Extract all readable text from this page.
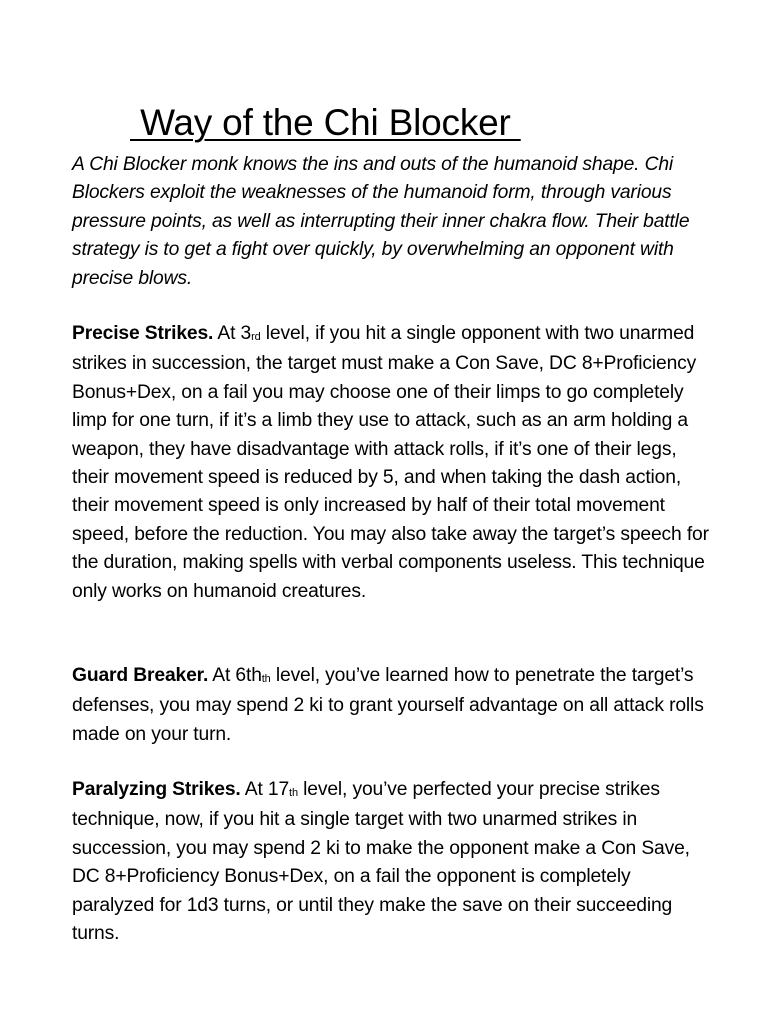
Way of the Chi Blocker

A Chi Blocker monk knows the ins and outs of the humanoid shape. Chi Blockers exploit the weaknesses of the humanoid form, through various pressure points, as well as interrupting their inner chakra flow. Their battle strategy is to get a fight over quickly, by overwhelming an opponent with precise blows.

Precise Strikes. At 3rd level, if you hit a single opponent with two unarmed strikes in succession, the target must make a Con Save, DC 8+Proficiency Bonus+Dex, on a fail you may choose one of their limps to go completely limp for one turn, if it’s a limb they use to attack, such as an arm holding a weapon, they have disadvantage with attack rolls, if it’s one of their legs, their movement speed is reduced by 5, and when taking the dash action, their movement speed is only increased by half of their total movement speed, before the reduction. You may also take away the target’s speech for the duration, making spells with verbal components useless. This technique only works on humanoid creatures.

Guard Breaker. At 6thth level, you’ve learned how to penetrate the target’s defenses, you may spend 2 ki to grant yourself advantage on all attack rolls made on your turn.

Paralyzing Strikes. At 17th level, you’ve perfected your precise strikes technique, now, if you hit a single target with two unarmed strikes in succession, you may spend 2 ki to make the opponent make a Con Save, DC 8+Proficiency Bonus+Dex, on a fail the opponent is completely paralyzed for 1d3 turns, or until they make the save on their succeeding turns.
